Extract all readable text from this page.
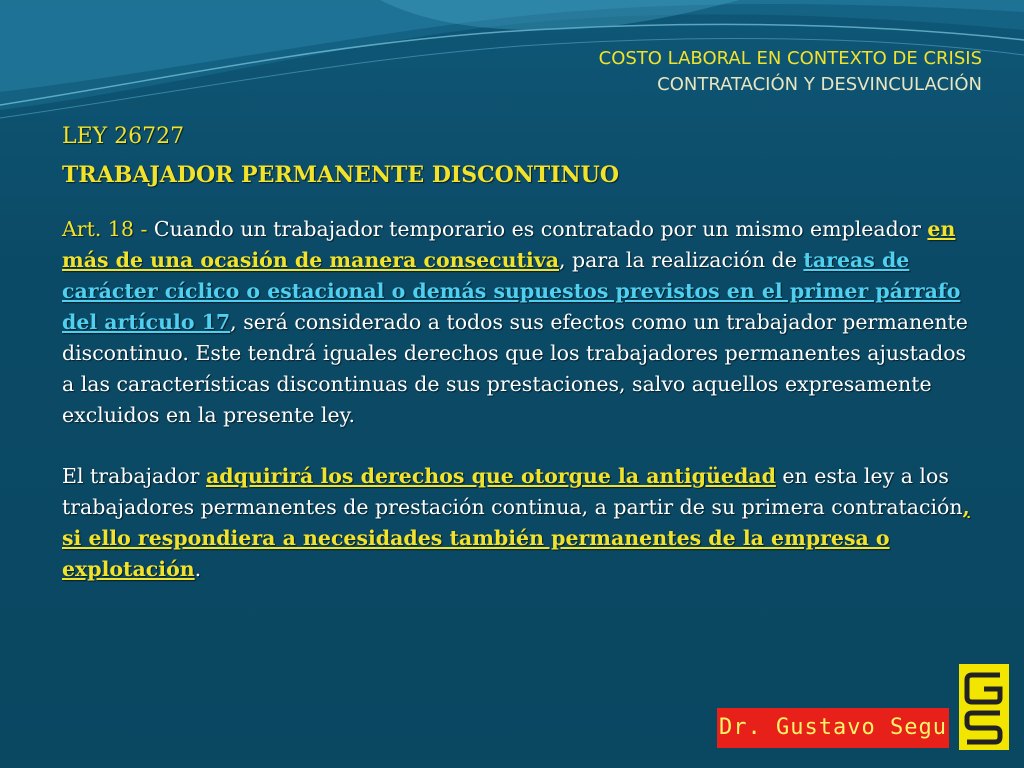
COSTO LABORAL EN CONTEXTO DE CRISIS
CONTRATACIÓN Y DESVINCULACIÓN
LEY 26727
TRABAJADOR PERMANENTE DISCONTINUO

Art. 18 - Cuando un trabajador temporario es contratado por un mismo empleador en más de una ocasión de manera consecutiva, para la realización de tareas de carácter cíclico o estacional o demás supuestos previstos en el primer párrafo del artículo 17, será considerado a todos sus efectos como un trabajador permanente discontinuo. Este tendrá iguales derechos que los trabajadores permanentes ajustados a las características discontinuas de sus prestaciones, salvo aquellos expresamente excluidos en la presente ley.

El trabajador adquirirá los derechos que otorgue la antigüedad en esta ley a los trabajadores permanentes de prestación continua, a partir de su primera contratación, si ello respondiera a necesidades también permanentes de la empresa o explotación.

Dr. Gustavo Segu
